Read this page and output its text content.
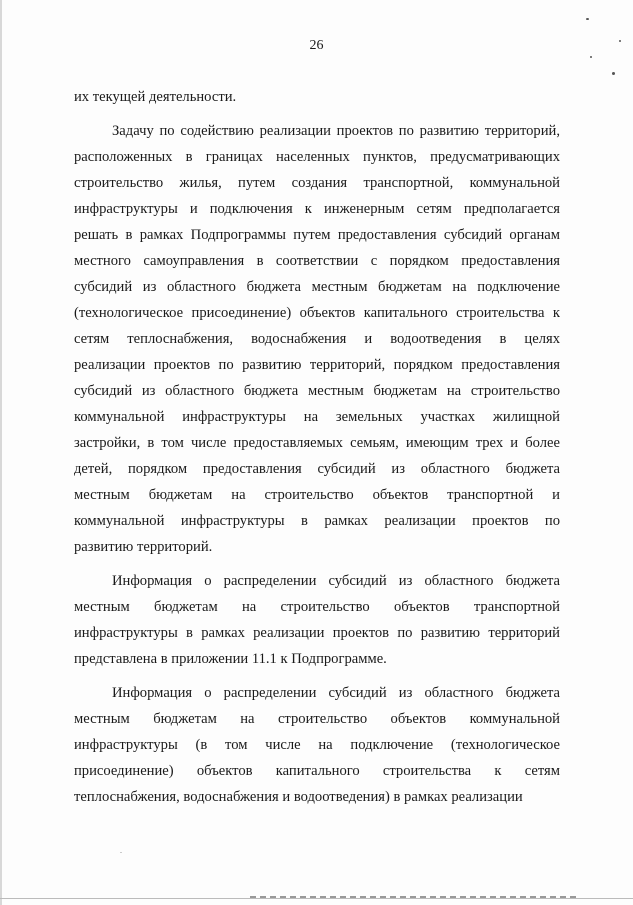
26
их текущей деятельности.
Задачу по содействию реализации проектов по развитию территорий,
расположенных в границах населенных пунктов, предусматривающих
строительство жилья, путем создания транспортной, коммунальной
инфраструктуры и подключения к инженерным сетям предполагается
решать в рамках Подпрограммы путем предоставления субсидий органам
местного самоуправления в соответствии с порядком предоставления
субсидий из областного бюджета местным бюджетам на подключение
(технологическое присоединение) объектов капитального строительства к
сетям теплоснабжения, водоснабжения и водоотведения в целях
реализации проектов по развитию территорий, порядком предоставления
субсидий из областного бюджета местным бюджетам на строительство
коммунальной инфраструктуры на земельных участках жилищной
застройки, в том числе предоставляемых семьям, имеющим трех и более
детей, порядком предоставления субсидий из областного бюджета
местным бюджетам на строительство объектов транспортной и
коммунальной инфраструктуры в рамках реализации проектов по
развитию территорий.
Информация о распределении субсидий из областного бюджета
местным бюджетам на строительство объектов транспортной
инфраструктуры в рамках реализации проектов по развитию территорий
представлена в приложении 11.1 к Подпрограмме.
Информация о распределении субсидий из областного бюджета
местным бюджетам на строительство объектов коммунальной
инфраструктуры (в том числе на подключение (технологическое
присоединение) объектов капитального строительства к сетям
теплоснабжения, водоснабжения и водоотведения) в рамках реализации
